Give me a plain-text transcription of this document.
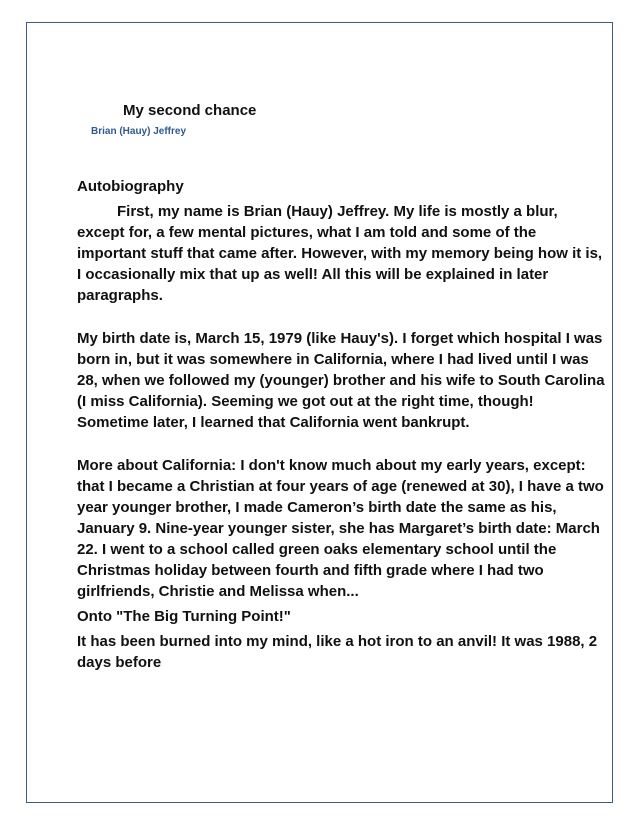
My second chance

Brian (Hauy) Jeffrey

Autobiography

First, my name is Brian (Hauy) Jeffrey. My life is mostly a blur, except for, a few mental pictures, what I am told and some of the important stuff that came after. However, with my memory being how it is, I occasionally mix that up as well! All this will be explained in later paragraphs.

My birth date is, March 15, 1979 (like Hauy's). I forget which hospital I was born in, but it was somewhere in California, where I had lived until I was 28, when we followed my (younger) brother and his wife to South Carolina (I miss California). Seeming we got out at the right time, though! Sometime later, I learned that California went bankrupt.

More about California: I don't know much about my early years, except: that I became a Christian at four years of age (renewed at 30), I have a two year younger brother, I made Cameron’s birth date the same as his, January 9. Nine-year younger sister, she has Margaret’s birth date: March 22. I went to a school called green oaks elementary school until the Christmas holiday between fourth and fifth grade where I had two girlfriends, Christie and Melissa when...

Onto "The Big Turning Point!"

It has been burned into my mind, like a hot iron to an anvil! It was 1988, 2 days before
